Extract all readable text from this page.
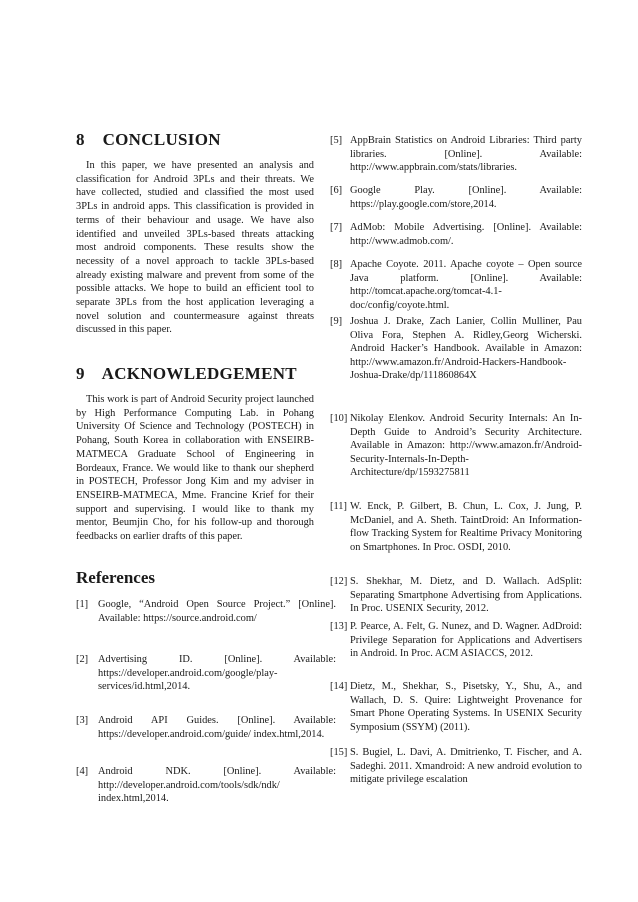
8 CONCLUSION

In this paper, we have presented an analysis and classification for Android 3PLs and their threats. We have collected, studied and classified the most used 3PLs in android apps. This classification is provided in terms of their behaviour and usage. We have also identified and unveiled 3PLs-based threats attacking most android components. These results show the necessity of a novel approach to tackle 3PLs-based already existing malware and prevent from some of the possible attacks. We hope to build an efficient tool to separate 3PLs from the host application leveraging a novel solution and countermeasure against threats discussed in this paper.

9 ACKNOWLEDGEMENT

This work is part of Android Security project launched by High Performance Computing Lab. in Pohang University Of Science and Technology (POSTECH) in Pohang, South Korea in collaboration with ENSEIRB-MATMECA Graduate School of Engineering in Bordeaux, France. We would like to thank our shepherd in POSTECH, Professor Jong Kim and my adviser in ENSEIRB-MATMECA, Mme. Francine Krief for their support and supervising. I would like to thank my mentor, Beumjin Cho, for his follow-up and thorough feedbacks on earlier drafts of this paper.

References
[1] Google, “Android Open Source Project.” [Online]. Available: https://source.android.com/
[2] Advertising ID. [Online]. Available: https://developer.android.com/google/play-services/id.html,2014.
[3] Android API Guides. [Online]. Available: https://developer.android.com/guide/ index.html,2014.
[4] Android NDK. [Online]. Available: http://developer.android.com/tools/sdk/ndk/ index.html,2014.
[5] AppBrain Statistics on Android Libraries: Third party libraries. [Online]. Available: http://www.appbrain.com/stats/libraries.
[6] Google Play. [Online]. Available: https://play.google.com/store,2014.
[7] AdMob: Mobile Advertising. [Online]. Available: http://www.admob.com/.
[8] Apache Coyote. 2011. Apache coyote – Open source Java platform. [Online]. Available: http://tomcat.apache.org/tomcat-4.1-doc/config/coyote.html.
[9] Joshua J. Drake, Zach Lanier, Collin Mulliner, Pau Oliva Fora, Stephen A. Ridley,Georg Wicherski. Android Hacker’s Handbook. Available in Amazon: http://www.amazon.fr/Android-Hackers-Handbook-Joshua-Drake/dp/111860864X
[10] Nikolay Elenkov. Android Security Internals: An In-Depth Guide to Android’s Security Architecture. Available in Amazon: http://www.amazon.fr/Android-Security-Internals-In-Depth-Architecture/dp/1593275811
[11] W. Enck, P. Gilbert, B. Chun, L. Cox, J. Jung, P. McDaniel, and A. Sheth. TaintDroid: An Information-flow Tracking System for Realtime Privacy Monitoring on Smartphones. In Proc. OSDI, 2010.
[12] S. Shekhar, M. Dietz, and D. Wallach. AdSplit: Separating Smartphone Advertising from Applications. In Proc. USENIX Security, 2012.
[13] P. Pearce, A. Felt, G. Nunez, and D. Wagner. AdDroid: Privilege Separation for Applications and Advertisers in Android. In Proc. ACM ASIACCS, 2012.
[14] Dietz, M., Shekhar, S., Pisetsky, Y., Shu, A., and Wallach, D. S. Quire: Lightweight Provenance for Smart Phone Operating Systems. In USENIX Security Symposium (SSYM) (2011).
[15] S. Bugiel, L. Davi, A. Dmitrienko, T. Fischer, and A. Sadeghi. 2011. Xmandroid: A new android evolution to mitigate privilege escalation
